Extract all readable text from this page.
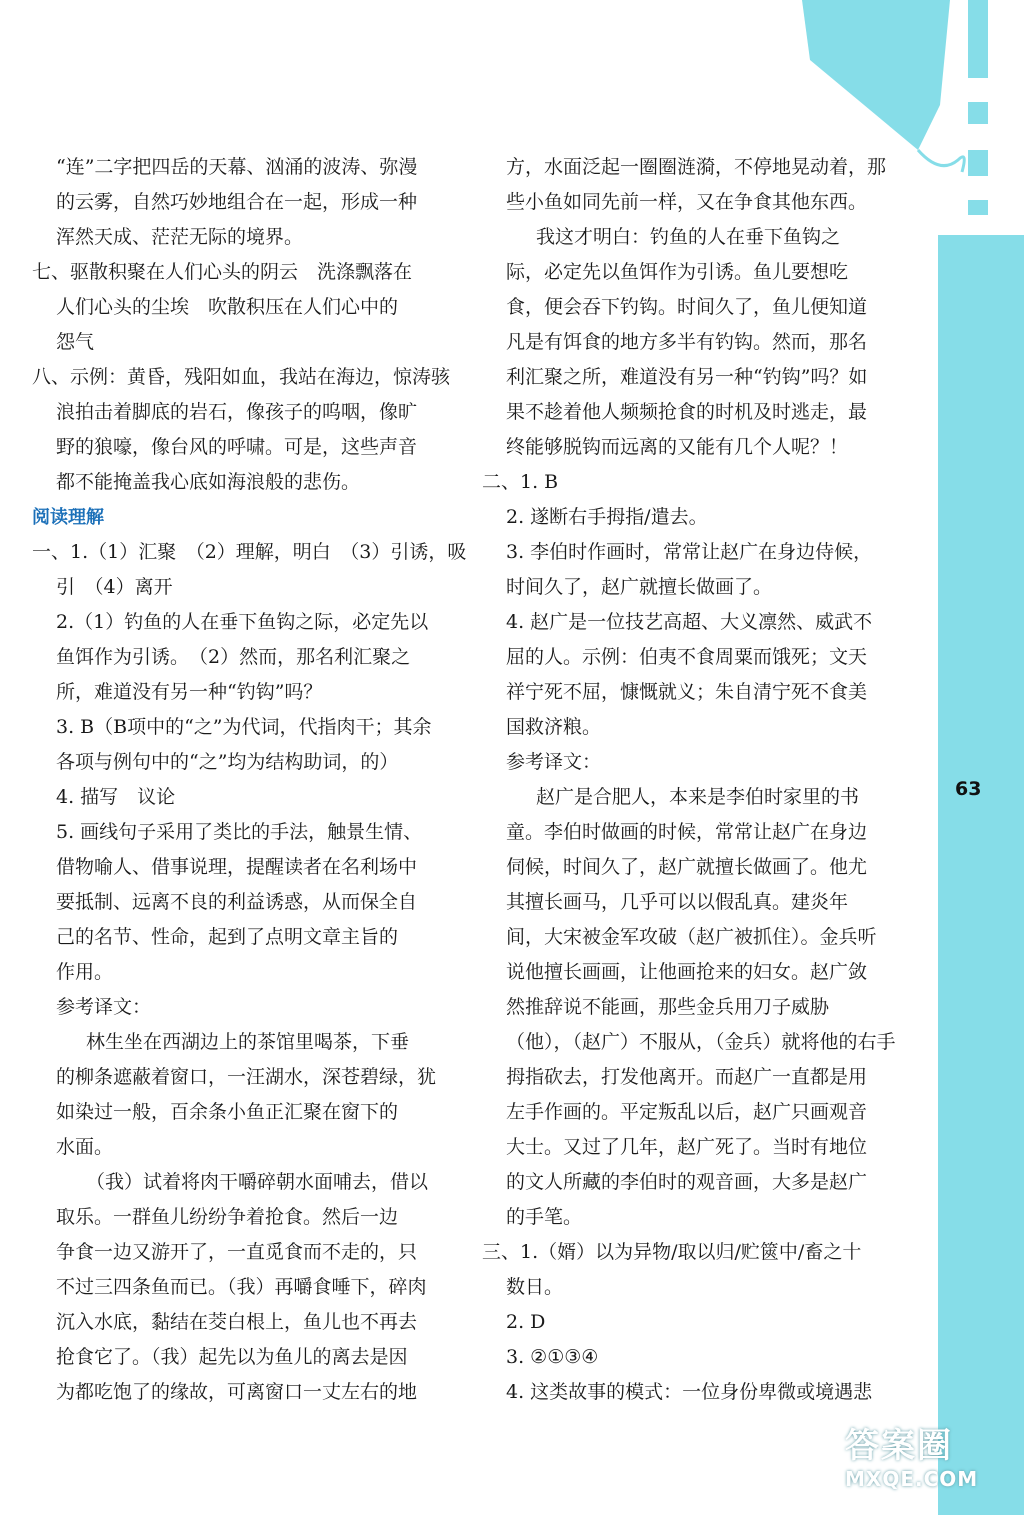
63
“连”二字把四岳的天幕、汹涌的波涛、弥漫
的云雾，自然巧妙地组合在一起，形成一种
浑然天成、茫茫无际的境界。
七、驱散积聚在人们心头的阴云　洗涤飘落在
人们心头的尘埃　吹散积压在人们心中的
怨气
八、示例：黄昏，残阳如血，我站在海边，惊涛骇
浪拍击着脚底的岩石，像孩子的呜咽，像旷
野的狼嚎，像台风的呼啸。可是，这些声音
都不能掩盖我心底如海浪般的悲伤。
阅读理解
一、1.（1）汇聚　（2）理解，明白　（3）引诱，吸
引　（4）离开
2.（1）钓鱼的人在垂下鱼钩之际，必定先以
鱼饵作为引诱。　（2）然而，那名利汇聚之
所，难道没有另一种“钓钩”吗？
3. B（B项中的“之”为代词，代指肉干；其余
各项与例句中的“之”均为结构助词，的）
4. 描写　议论
5. 画线句子采用了类比的手法，触景生情、
借物喻人、借事说理，提醒读者在名利场中
要抵制、远离不良的利益诱惑，从而保全自
己的名节、性命，起到了点明文章主旨的
作用。
参考译文：
林生坐在西湖边上的茶馆里喝茶，下垂
的柳条遮蔽着窗口，一汪湖水，深苍碧绿，犹
如染过一般，百余条小鱼正汇聚在窗下的
水面。
（我）试着将肉干嚼碎朝水面哺去，借以
取乐。一群鱼儿纷纷争着抢食。然后一边
争食一边又游开了，一直觅食而不走的，只
不过三四条鱼而已。（我）再嚼食唾下，碎肉
沉入水底，黏结在茭白根上，鱼儿也不再去
抢食它了。（我）起先以为鱼儿的离去是因
为都吃饱了的缘故，可离窗口一丈左右的地
方，水面泛起一圈圈涟漪，不停地晃动着，那
些小鱼如同先前一样，又在争食其他东西。
我这才明白：钓鱼的人在垂下鱼钩之
际，必定先以鱼饵作为引诱。鱼儿要想吃
食，便会吞下钓钩。时间久了，鱼儿便知道
凡是有饵食的地方多半有钓钩。然而，那名
利汇聚之所，难道没有另一种“钓钩”吗？如
果不趁着他人频频抢食的时机及时逃走，最
终能够脱钩而远离的又能有几个人呢？！
二、1. B
2. 遂断右手拇指/遣去。
3. 李伯时作画时，常常让赵广在身边侍候，
时间久了，赵广就擅长做画了。
4. 赵广是一位技艺高超、大义凛然、威武不
屈的人。示例：伯夷不食周粟而饿死；文天
祥宁死不屈，慷慨就义；朱自清宁死不食美
国救济粮。
参考译文：
赵广是合肥人，本来是李伯时家里的书
童。李伯时做画的时候，常常让赵广在身边
伺候，时间久了，赵广就擅长做画了。他尤
其擅长画马，几乎可以以假乱真。建炎年
间，大宋被金军攻破（赵广被抓住）。金兵听
说他擅长画画，让他画抢来的妇女。赵广敛
然推辞说不能画，那些金兵用刀子威胁
（他），（赵广）不服从，（金兵）就将他的右手
拇指砍去，打发他离开。而赵广一直都是用
左手作画的。平定叛乱以后，赵广只画观音
大士。又过了几年，赵广死了。当时有地位
的文人所藏的李伯时的观音画，大多是赵广
的手笔。
三、1.（婿）以为异物/取以归/贮篋中/畜之十
数日。
2. D
3. ②①③④
4. 这类故事的模式：一位身份卑微或境遇悲
答案圈
MXQE.COM
